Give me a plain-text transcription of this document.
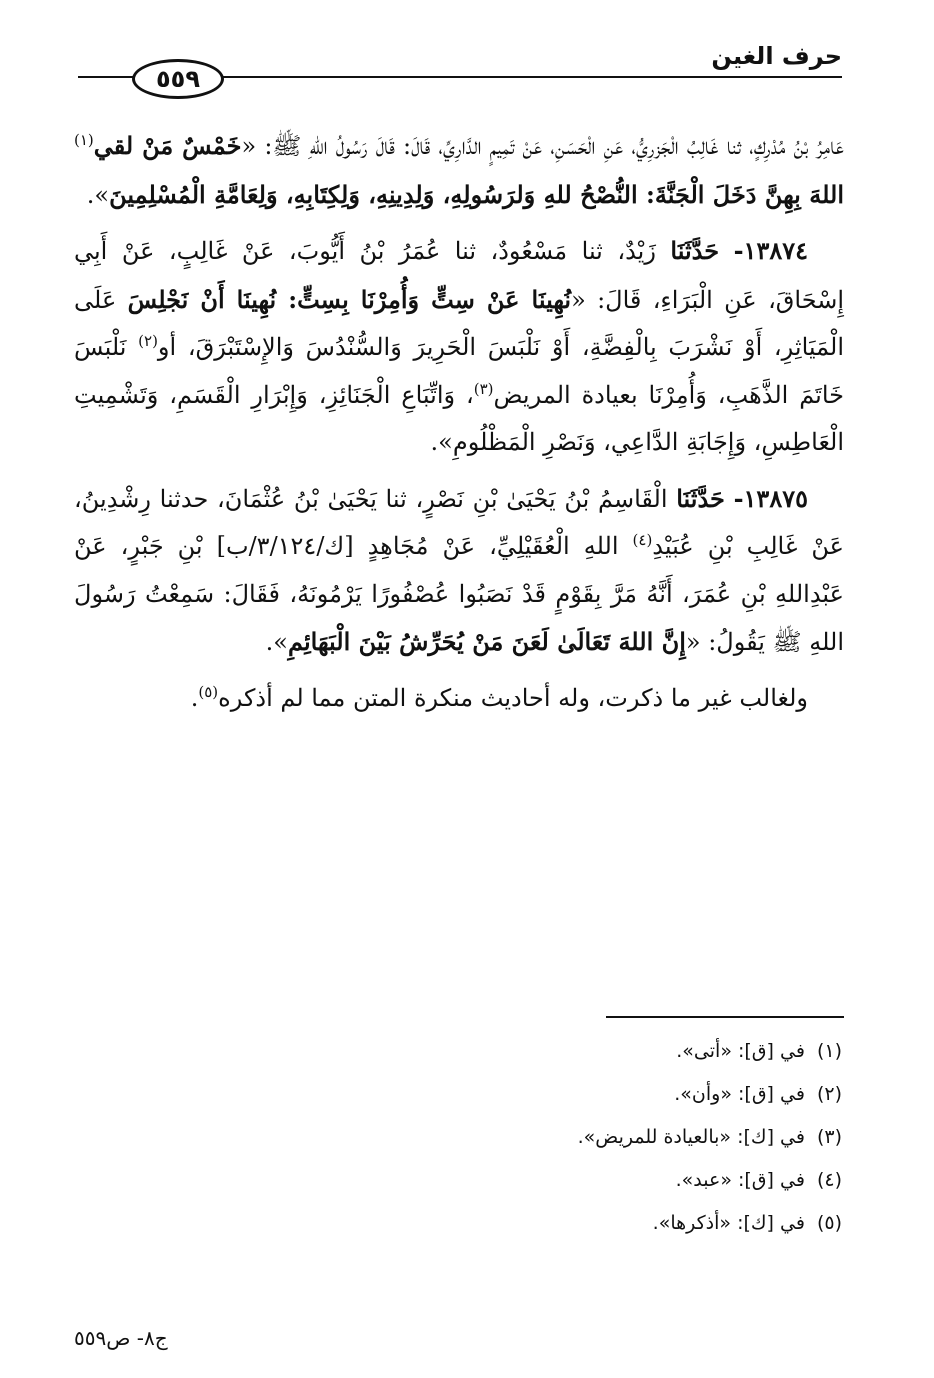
٥٥٩
حرف الغين

عَامِرُ بْنُ مُدْرِكٍ، ثنا غَالِبُ الْجَزرِيُّ، عَنِ الْحَسَنِ، عَنْ تَمِيمٍ الدَّارِيِّ، قَالَ: قَالَ رَسُولُ اللهِ ﷺ: «خَمْسٌ مَنْ لقي$^{(١)}$ اللهَ بِهِنَّ دَخَلَ الْجَنَّةَ: النُّصْحُ للهِ وَلرَسُولِهِ، وَلِدِينِهِ، وَلِكِتَابِهِ، وَلِعَامَّةِ الْمُسْلِمِينَ».

١٣٨٧٤- حَدَّثَنَا زَيْدٌ، ثنا مَسْعُودٌ، ثنا عُمَرُ بْنُ أَيُّوبَ، عَنْ غَالِبٍ، عَنْ أَبِي إِسْحَاقَ، عَنِ الْبَرَاءِ، قَالَ: «نُهِينَا عَنْ سِتٍّ وَأُمِرْنَا بِسِتٍّ: نُهِينَا أَنْ نَجْلِسَ عَلَى الْمَيَاثِرِ، أَوْ نَشْرَبَ بِالْفِضَّةِ، أَوْ نَلْبَسَ الْحَرِيرَ وَالسُّنْدُسَ وَالإِسْتَبْرَقَ، أو$^{(٢)}$ نَلْبَسَ خَاتَمَ الذَّهَبِ، وَأُمِرْنَا بعيادة المريض$^{(٣)}$، وَاتِّبَاعِ الْجَنَائِزِ، وَإِبْرَارِ الْقَسَمِ، وَتَشْمِيتِ الْعَاطِسِ، وَإِجَابَةِ الدَّاعِي، وَنَصْرِ الْمَظْلُومِ».

١٣٨٧٥- حَدَّثَنَا الْقَاسِمُ بْنُ يَحْيَىٰ بْنِ نَصْرٍ، ثنا يَحْيَىٰ بْنُ عُثْمَانَ، حدثنا رِشْدِينُ، عَنْ غَالِبِ بْنِ عُبَيْدِ$^{(٤)}$ اللهِ الْعُقَيْلِيِّ، عَنْ مُجَاهِدٍ [ك/٣/١٢٤/ب] بْنِ جَبْرٍ، عَنْ عَبْدِاللهِ بْنِ عُمَرَ، أَنَّهُ مَرَّ بِقَوْمٍ قَدْ نَصَبُوا عُصْفُورًا يَرْمُونَهُ، فَقَالَ: سَمِعْتُ رَسُولَ اللهِ ﷺ يَقُولُ: «إِنَّ اللهَ تَعَالَىٰ لَعَنَ مَنْ يُحَرِّشُ بَيْنَ الْبَهَائِمِ».

ولغالب غير ما ذكرت، وله أحاديث منكرة المتن مما لم أذكره$^{(٥)}$.

(١)في [ق]: «أتى».
(٢)في [ق]: «وأن».
(٣)في [ك]: «بالعيادة للمريض».
(٤)في [ق]: «عبد».
(٥)في [ك]: «أذكرها».
ج٨- ص٥٥٩
